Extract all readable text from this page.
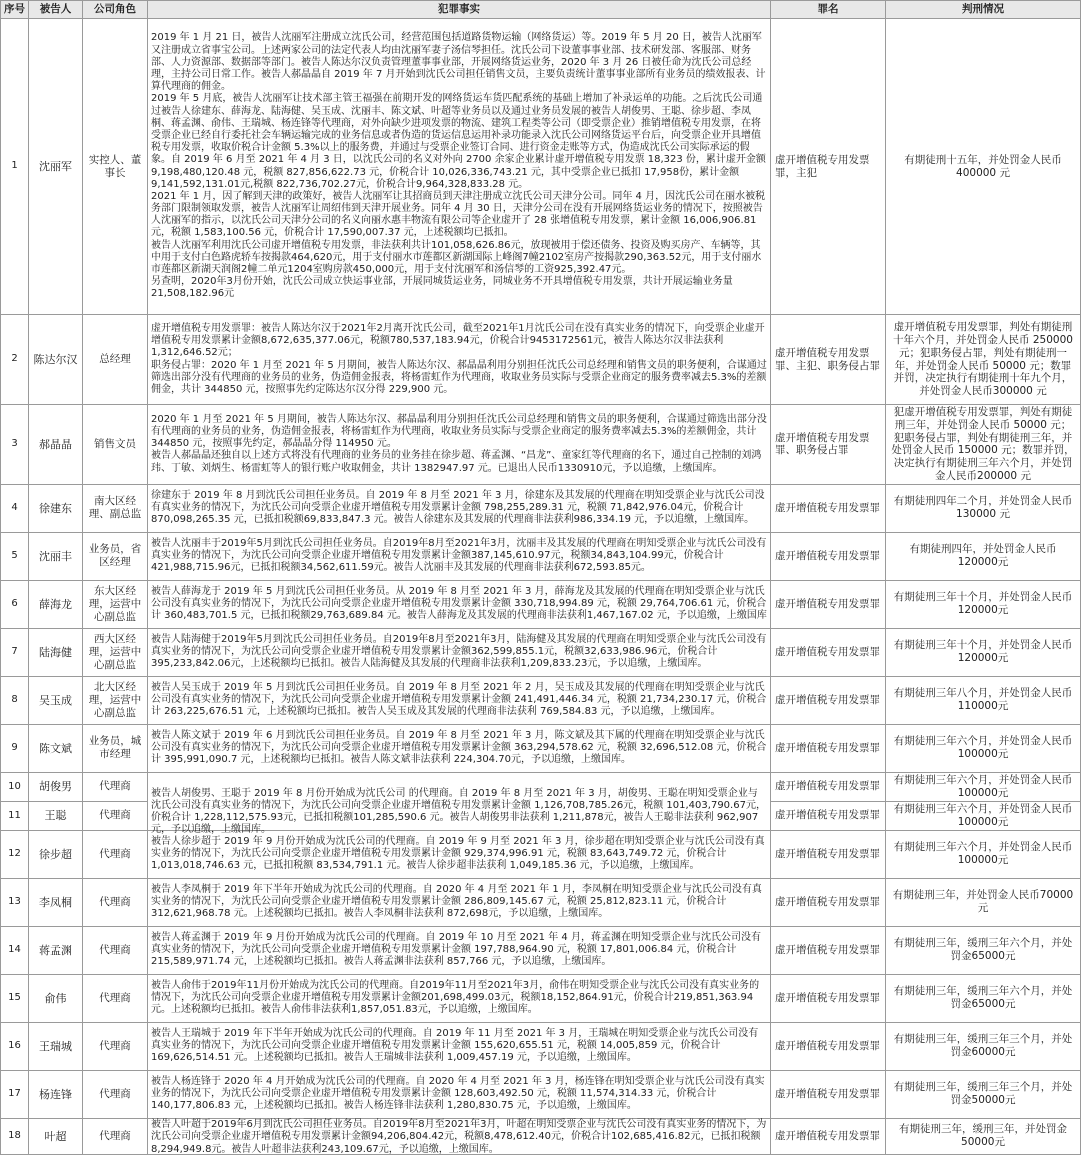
序号	被告人	公司角色	犯罪事实	罪名	判刑情况
1	沈丽军	实控人、董事长	2019 年 1 月 21 日，被告人沈丽军注册成立沈氏公司，经营范围包括道路货物运输（网络货运）等。2019 年 5 月 20 日，被告人沈丽军又注册成立省事宝公司。上述两家公司的法定代表人均由沈丽军妻子汤信琴担任。沈氏公司下设董事事业部、技术研发部、客服部、财务部、人力资源部、数据部等部门。被告人陈达尔汉负责管理董事事业部，开展网络货运业务，2020 年 3 月 26 日被任命为沈氏公司总经理，主持公司日常工作。被告人郝晶晶自 2019 年 7 月开始到沈氏公司担任销售文员，主要负责统计董事事业部所有业务员的绩效报表、计算代理商的佣金。

2019 年 5 月底，被告人沈丽军让技术部主管王福强在前期开发的网络货运车货匹配系统的基础上增加了补录运单的功能。之后沈氏公司通过被告人徐建东、薛海龙、陆海健、吴玉成、沈丽丰、陈文斌、叶超等业务员以及通过业务员发展的被告人胡俊男、王聪、徐步超、李凤桐、蒋孟渊、俞伟、王瑞城、杨连锋等代理商，对外向缺少进项发票的物流、建筑工程类等公司（即受票企业）推销增值税专用发票，在将受票企业已经自行委托社会车辆运输完成的业务信息或者伪造的货运信息运用补录功能录入沈氏公司网络货运平台后，向受票企业开具增值税专用发票，收取价税合计金额 5.3%以上的服务费，并通过与受票企业签订合同、进行资金走账等方式，伪造成沈氏公司实际承运的假象。自 2019 年 6 月至 2021 年 4 月 3 日，以沈氏公司的名义对外向 2700 余家企业累计虚开增值税专用发票 18,323 份，累计虚开金额 9,198,480,120.48 元，税额 827,856,622.73 元，价税合计 10,026,336,743.21 元，其中受票企业已抵扣 17,958份，累计金额 9,141,592,131.01元,税额 822,736,702.27元，价税合计9,964,328,833.28 元。

2021 年 1 月，因了解到天津的政策好，被告人沈丽军让其招商员到天津注册成立沈氏公司天津分公司。同年 4 月，因沈氏公司在丽水被税务部门限制领取发票，被告人沈丽军让周绍伟到天津开展业务。同年 4 月 30 日，天津分公司在没有开展网络货运业务的情况下，按照被告人沈丽军的指示，以沈氏公司天津分公司的名义向丽水惠丰物流有限公司等企业虚开了 28 张增值税专用发票，累计金额 16,006,906.81 元，税额 1,583,100.56 元，价税合计 17,590,007.37 元，上述税额均已抵扣。

被告人沈丽军利用沈氏公司虚开增值税专用发票，非法获利共计101,058,626.86元，放现被用于偿还债务、投资及购买房产、车辆等，其中用于支付白色路虎轿车按揭款464,620元，用于支付丽水市莲都区新湖国际上峰阁7幢2102室房产按揭款290,363.52元，用于支付丽水市莲都区新湖天润阁2幢二单元1204室购房款450,000元，用于支付沈丽军和汤信琴的工资925,392.47元。

另查明，2020年3月份开始，沈氏公司成立快运事业部，开展同城货运业务，同城业务不开具增值税专用发票，共计开展运输业务量21,508,182.96元	虚开增值税专用发票罪，主犯	有期徒刑十五年，并处罚金人民币400000 元
2	陈达尔汉	总经理	虚开增值税专用发票罪：被告人陈达尔汉于2021年2月离开沈氏公司，截至2021年1月沈氏公司在没有真实业务的情况下，向受票企业虚开增值税专用发票累计金额8,672,635,377.06元，税额780,537,183.94元，价税合计9453172561元，被告人陈达尔汉非法获利1,312,646.52元；

职务侵占罪：2020 年 1 月至 2021 年 5 月期间，被告人陈达尔汉、郝晶晶利用分别担任沈氏公司总经理和销售文员的职务便利，合谋通过筛选出部分没有代理商的业务员的业务，伪造佣金报表，将杨雷虹作为代理商，收取业务员实际与受票企业商定的服务费率减去5.3%的差额佣金，共计 344850 元，按照事先约定陈达尔汉分得 229,900 元。	虚开增值税专用发票罪、主犯、职务侵占罪	虚开增值税专用发票罪，判处有期徒刑十年六个月，并处罚金人民币 250000 元；犯职务侵占罪，判处有期徒刑一年，并处罚金人民币 50000 元；数罪并罚，决定执行有期徒刑十年九个月，并处罚金人民币300000 元
3	郝晶晶	销售文员	2020 年 1 月至 2021 年 5 月期间，被告人陈达尔汉、郝晶晶利用分别担任沈氏公司总经理和销售文员的职务便利，合谋通过筛选出部分没有代理商的业务员的业务，伪造佣金报表，将杨雷虹作为代理商，收取业务员实际与受票企业商定的服务费率减去5.3%的差额佣金，共计 344850 元，按照事先约定，郝晶晶分得 114950 元。

被告人郝晶晶还独自以上述方式将没有代理商的业务员的业务挂在徐步超、蒋孟渊、“昌龙”、童家红等代理商的名下，通过自己控制的刘鸿玮、丁敏、刘炳生、杨雷虹等人的银行账户收取佣金，共计 1382947.97 元。已退出人民币1330910元，予以追缴，上缴国库。	虚开增值税专用发票罪、职务侵占罪	犯虚开增值税专用发票罪，判处有期徒刑三年，并处罚金人民币 50000 元；犯职务侵占罪，判处有期徒刑三年，并处罚金人民币 150000 元；数罪并罚，决定执行有期徒刑三年六个月，并处罚金人民币200000 元
4	徐建东	南大区经理、副总监	徐建东于 2019 年 8 月到沈氏公司担任业务员。自 2019 年 8 月至 2021 年 3 月，徐建东及其发展的代理商在明知受票企业与沈氏公司没有真实业务的情况下，为沈氏公司向受票企业虚开增值税专用发票累计金额 798,255,289.31 元，税额 71,842,976.04元，价税合计870,098,265.35 元，已抵扣税额69,833,847.3 元。被告人徐建东及其发展的代理商非法获利986,334.19 元，予以追缴，上缴国库。	虚开增值税专用发票罪	有期徒刑四年二个月，并处罚金人民币130000 元
5	沈丽丰	业务员，省区经理	被告人沈丽丰于2019年5月到沈氏公司担任业务员。自2019年8月至2021年3月，沈丽丰及其发展的代理商在明知受票企业与沈氏公司没有真实业务的情况下，为沈氏公司向受票企业虚开增值税专用发票累计金额387,145,610.97元，税额34,843,104.99元，价税合计421,988,715.96元，已抵扣税额34,562,611.59元。被告人沈丽丰及其发展的代理商非法获利672,593.85元。	虚开增值税专用发票罪	有期徒刑四年，并处罚金人民币120000元
6	薛海龙	东大区经理，运营中心副总监	被告人薛海龙于 2019 年 5 月到沈氏公司担任业务员。从 2019 年 8 月至 2021 年 3 月，薛海龙及其发展的代理商在明知受票企业与沈氏公司没有真实业务的情况下，为沈氏公司向受票企业虚开增值税专用发票累计金额 330,718,994.89 元，税额 29,764,706.61 元，价税合计 360,483,701.5 元，已抵扣税额29,763,689.84 元。被告人薛海龙及其发展的代理商非法获利1,467,167.02 元，予以追缴，上缴国库	虚开增值税专用发票罪	有期徒刑三年十个月，并处罚金人民币120000元
7	陆海健	西大区经理，运营中心副总监	被告人陆海健于2019年5月到沈氏公司担任业务员。自2019年8月至2021年3月，陆海健及其发展的代理商在明知受票企业与沈氏公司没有真实业务的情况下，为沈氏公司向受票企业虚开增值税专用发票累计金额362,599,855.1元，税额32,633,986.96元，价税合计395,233,842.06元，上述税额均已抵扣。被告人陆海健及其发展的代理商非法获利1,209,833.23元，予以追缴，上缴国库。	虚开增值税专用发票罪	有期徒刑三年十个月，并处罚金人民币120000元
8	吴玉成	北大区经理，运营中心副总监	被告人吴玉成于 2019 年 5 月到沈氏公司担任业务员。自 2019 年 8 月至 2021 年 2 月，吴玉成及其发展的代理商在明知受票企业与沈氏公司没有真实业务的情况下，为沈氏公司向受票企业虚开增值税专用发票累计金额 241,491,446.34 元，税额 21,734,230.17 元，价税合计 263,225,676.51 元，上述税额均已抵扣。被告人吴玉成及其发展的代理商非法获利 769,584.83 元，予以追缴，上缴国库。	虚开增值税专用发票罪	有期徒刑三年八个月，并处罚金人民币110000元
9	陈文斌	业务员，城市经理	被告人陈文斌于 2019 年 6 月到沈氏公司担任业务员。自 2019 年 8 月至 2021 年 3 月，陈文斌及其下属的代理商在明知受票企业与沈氏公司没有真实业务的情况下，为沈氏公司向受票企业虚开增值税专用发票累计金额 363,294,578.62 元，税额 32,696,512.08 元，价税合计 395,991,090.7 元，上述税额均已抵扣。被告人陈文斌非法获利 224,304.70元，予以追缴，上缴国库。	虚开增值税专用发票罪	有期徒刑三年六个月，并处罚金人民币100000元
10	胡俊男	代理商	被告人胡俊男、王聪于 2019 年 8 月份开始成为沈氏公司 的代理商。自 2019 年 8 月至 2021 年 3 月，胡俊男、王聪在明知受票企业与沈氏公司没有真实业务的情况下，为沈氏公司向受票企业虚开增值税专用发票累计金额 1,126,708,785.26元，税额 101,403,790.67元，价税合计 1,228,112,575.93元，已抵扣税额101,285,590.6 元。被告人胡俊男非法获利 1,211,878元，被告人王聪非法获利 962,907元，予以追缴，上缴国库。	虚开增值税专用发票罪	有期徒刑三年六个月，并处罚金人民币100000元
11	王聪	代理商		虚开增值税专用发票罪	有期徒刑三年六个月，并处罚金人民币100000元
12	徐步超	代理商	被告人徐步超于 2019 年 9 月份开始成为沈氏公司的代理商。自 2019 年 9 月至 2021 年 3 月，徐步超在明知受票企业与沈氏公司没有真实业务的情况下，为沈氏公司向受票企业虚开增值税专用发票累计金额 929,374,996.91 元，税额 83,643,749.72 元，价税合计 1,013,018,746.63 元，已抵扣税额 83,534,791.1 元。被告人徐步超非法获利 1,049,185.36 元，予以追缴，上缴国库。	虚开增值税专用发票罪	有期徒刑三年六个月，并处罚金人民币100000元
13	李凤桐	代理商	被告人李凤桐于 2019 年下半年开始成为沈氏公司的代理商。自 2020 年 4 月至 2021 年 1 月，李凤桐在明知受票企业与沈氏公司没有真实业务的情况下，为沈氏公司向受票企业虚开增值税专用发票累计金额 286,809,145.67 元，税额 25,812,823.11 元，价税合计 312,621,968.78 元。上述税额均已抵扣。被告人李凤桐非法获利 872,698元，予以追缴，上缴国库。	虚开增值税专用发票罪	有期徒刑三年，并处罚金人民币70000元
14	蒋孟渊	代理商	被告人蒋孟渊于 2019 年 9 月份开始成为沈氏公司的代理商。自 2019 年 10 月至 2021 年 4 月，蒋孟渊在明知受票企业与沈氏公司没有真实业务的情况下，为沈氏公司向受票企业虚开增值税专用发票累计金额 197,788,964.90 元，税额 17,801,006.84 元，价税合计 215,589,971.74 元，上述税额均已抵扣。被告人蒋孟渊非法获利 857,766 元，予以追缴，上缴国库。	虚开增值税专用发票罪	有期徒刑三年，缓刑三年六个月，并处罚金65000元
15	俞伟	代理商	被告人俞伟于2019年11月份开始成为沈氏公司的代理商。自2019年11月至2021年3月，俞伟在明知受票企业与沈氏公司没有真实业务的情况下，为沈氏公司向受票企业虚开增值税专用发票累计金额201,698,499.03元，税额18,152,864.91元，价税合计219,851,363.94元。上述税额均已抵扣。被告人俞伟非法获利1,857,051.83元，予以追缴，上缴国库。	虚开增值税专用发票罪	有期徒刑三年，缓刑三年六个月，并处罚金65000元
16	王瑞城	代理商	被告人王瑞城于 2019 年下半年开始成为沈氏公司的代理商。自 2019 年 11 月至 2021 年 3 月，王瑞城在明知受票企业与沈氏公司没有真实业务的情况下，为沈氏公司向受票企业虚开增值税专用发票累计金额 155,620,655.51 元，税额 14,005,859 元，价税合计 169,626,514.51 元。上述税额均已抵扣。被告人王瑞城非法获利 1,009,457.19 元，予以追缴，上缴国库。	虚开增值税专用发票罪	有期徒刑三年，缓刑三年三个月，并处罚金60000元
17	杨连锋	代理商	被告人杨连锋于 2020 年 4 月开始成为沈氏公司的代理商。自 2020 年 4 月至 2021 年 3 月，杨连锋在明知受票企业与沈氏公司没有真实业务的情况下，为沈氏公司向受票企业虚开增值税专用发票累计金额 128,603,492.50 元，税额 11,574,314.33 元，价税合计 140,177,806.83 元，上述税额均已抵扣。被告人杨连锋非法获利 1,280,830.75 元，予以追缴，上缴国库。	虚开增值税专用发票罪	有期徒刑三年，缓刑三年三个月，并处罚金50000元
18	叶超	代理商	被告人叶超于2019年6月到沈氏公司担任业务员。自2019年8月至2021年3月，叶超在明知受票企业与沈氏公司没有真实业务的情况下，为沈氏公司向受票企业虚开增值税专用发票累计金额94,206,804.42元，税额8,478,612.40元，价税合计102,685,416.82元，已抵扣税额8,294,949.8元。被告人叶超非法获利243,109.67元，予以追缴，上缴国库。	虚开增值税专用发票罪	有期徒刑三年，缓刑三年，并处罚金50000元
